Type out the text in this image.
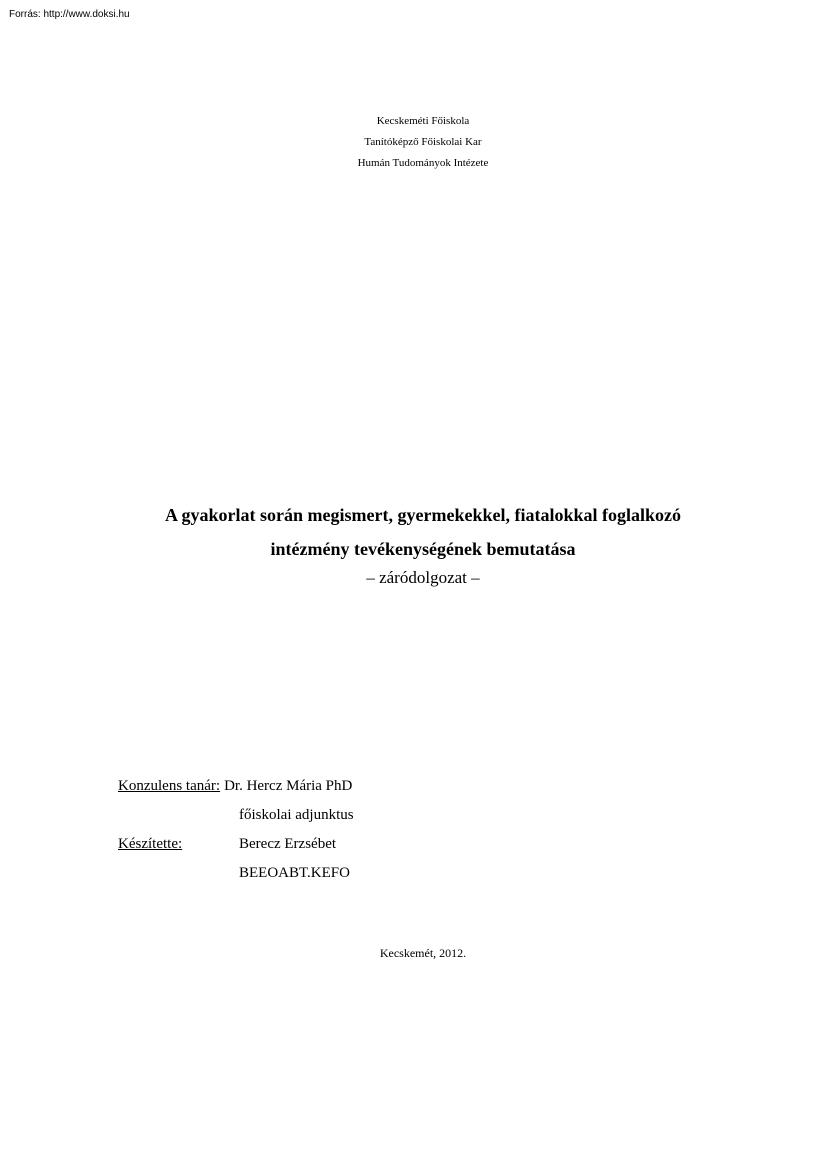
Forrás: http://www.doksi.hu
Kecskeméti Főiskola
Tanítóképző Főiskolai Kar
Humán Tudományok Intézete
A gyakorlat során megismert, gyermekekkel, fiatalokkal foglalkozó
intézmény tevékenységének bemutatása
– záródolgozat –
Konzulens tanár: Dr. Hercz Mária PhD
főiskolai adjunktus
Készítette:	Berecz Erzsébet
BEEOABT.KEFO
Kecskemét, 2012.
